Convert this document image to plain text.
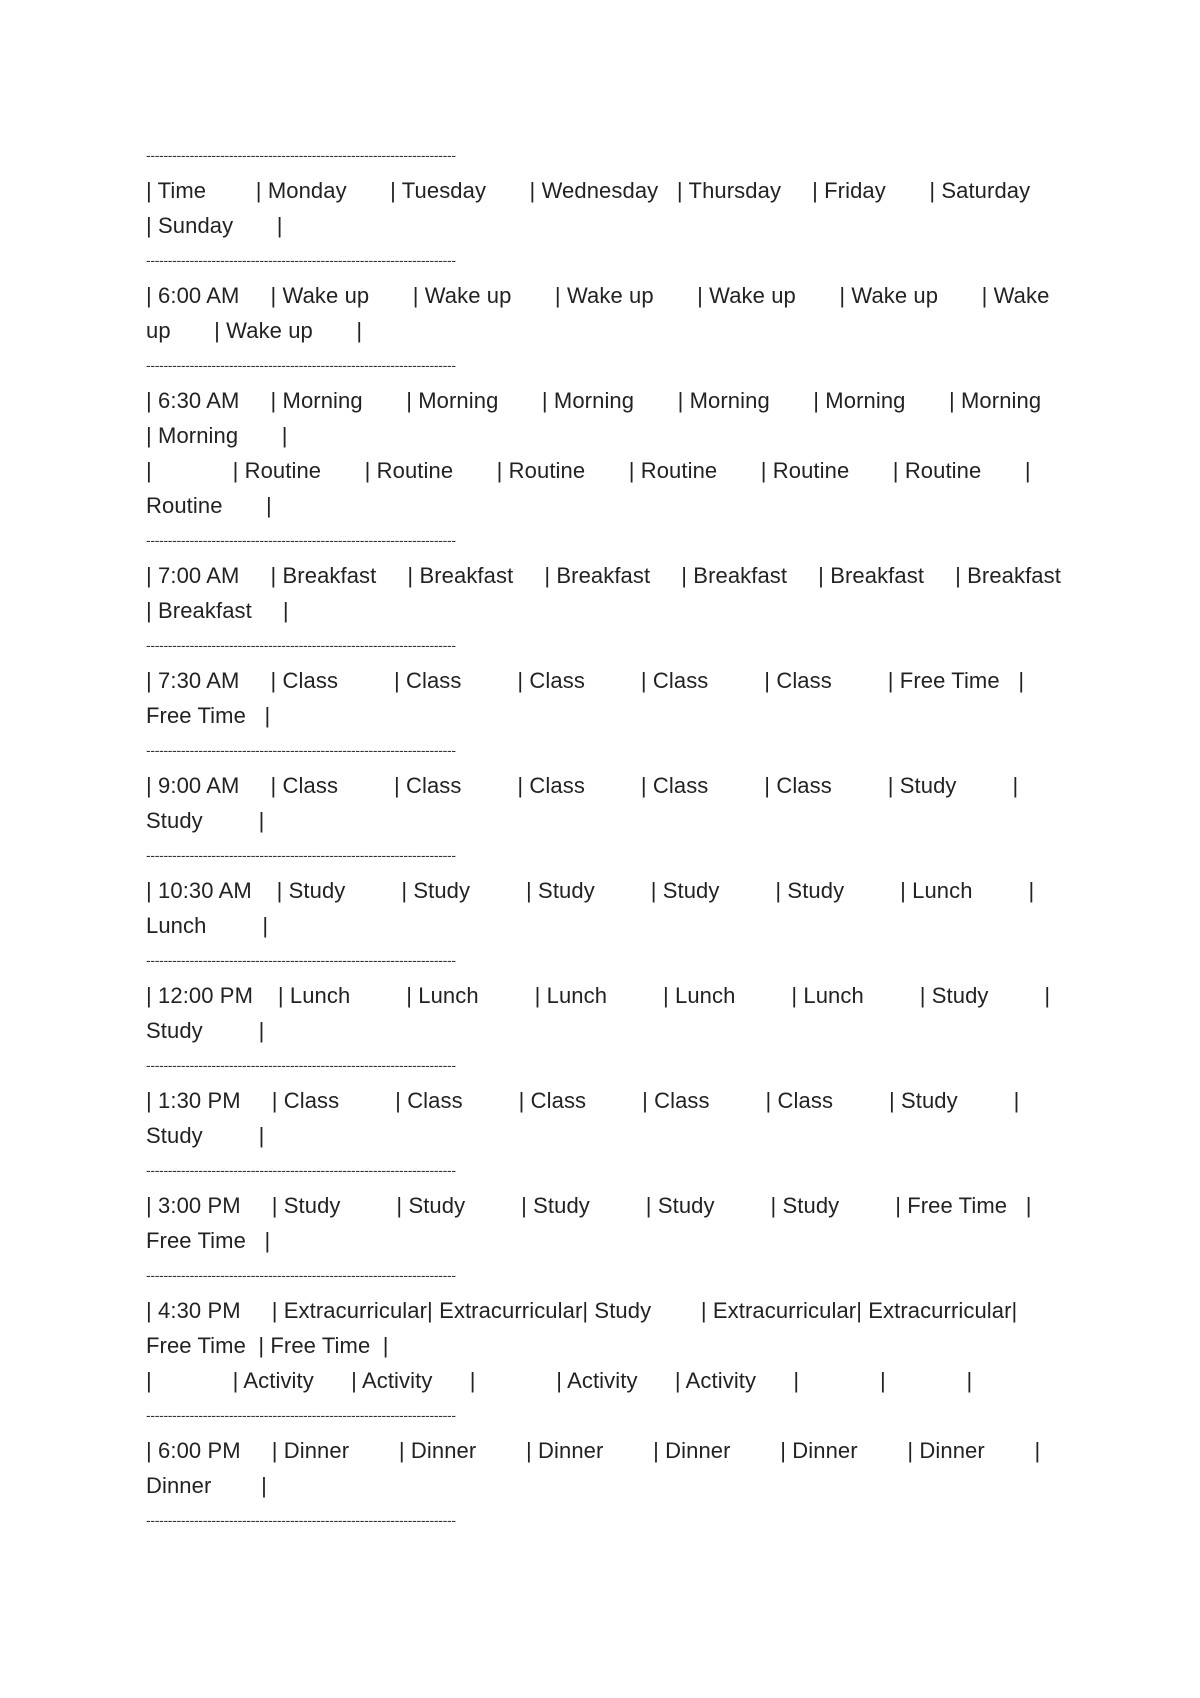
-----------------------------------------------------------------------
| Time        | Monday       | Tuesday       | Wednesday   | Thursday     | Friday       | Saturday     | Sunday       |
-----------------------------------------------------------------------
| 6:00 AM     | Wake up       | Wake up       | Wake up       | Wake up       | Wake up       | Wake up       | Wake up       |
-----------------------------------------------------------------------
| 6:30 AM     | Morning       | Morning       | Morning       | Morning       | Morning       | Morning       | Morning       |
|             | Routine       | Routine       | Routine       | Routine       | Routine       | Routine       | Routine       |
-----------------------------------------------------------------------
| 7:00 AM     | Breakfast     | Breakfast     | Breakfast     | Breakfast     | Breakfast     | Breakfast     | Breakfast     |
-----------------------------------------------------------------------
| 7:30 AM     | Class         | Class         | Class         | Class         | Class         | Free Time   | Free Time   |
-----------------------------------------------------------------------
| 9:00 AM     | Class         | Class         | Class         | Class         | Class         | Study         | Study         |
-----------------------------------------------------------------------
| 10:30 AM    | Study         | Study         | Study         | Study         | Study         | Lunch         | Lunch         |
-----------------------------------------------------------------------
| 12:00 PM    | Lunch         | Lunch         | Lunch         | Lunch         | Lunch         | Study         | Study         |
-----------------------------------------------------------------------
| 1:30 PM     | Class         | Class         | Class         | Class         | Class         | Study         | Study         |
-----------------------------------------------------------------------
| 3:00 PM     | Study         | Study         | Study         | Study         | Study         | Free Time   | Free Time   |
-----------------------------------------------------------------------
| 4:30 PM     | Extracurricular| Extracurricular| Study        | Extracurricular| Extracurricular| Free Time  | Free Time  |
|             | Activity      | Activity      |             | Activity      | Activity      |             |             |
-----------------------------------------------------------------------
| 6:00 PM     | Dinner        | Dinner        | Dinner        | Dinner        | Dinner        | Dinner        | Dinner        |
-----------------------------------------------------------------------
